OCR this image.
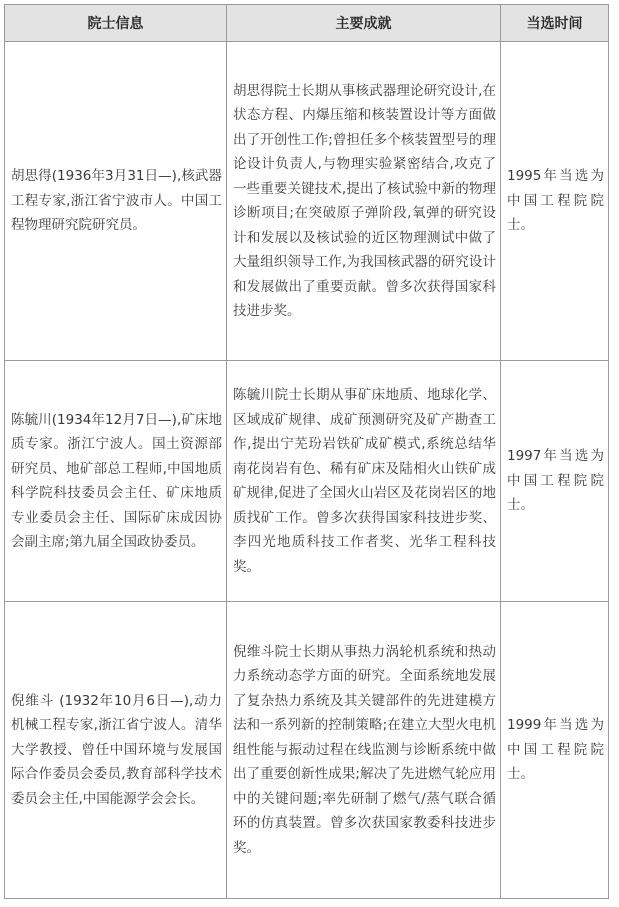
院士信息	主要成就	当选时间
胡思得(1936年3月31日—),核武器工程专家,浙江省宁波市人。中国工程物理研究院研究员。	胡思得院士长期从事核武器理论研究设计,在状态方程、内爆压缩和核装置设计等方面做出了开创性工作;曾担任多个核装置型号的理论设计负责人,与物理实验紧密结合,攻克了一些重要关键技术,提出了核试验中新的物理诊断项目;在突破原子弹阶段,氧弹的研究设计和发展以及核试验的近区物理测试中做了大量组织领导工作,为我国核武器的研究设计和发展做出了重要贡献。曾多次获得国家科技进步奖。	1995年当选为中国工程院院士。
陈毓川(1934年12月7日—),矿床地质专家。浙江宁波人。国土资源部研究员、地矿部总工程师,中国地质科学院科技委员会主任、矿床地质专业委员会主任、国际矿床成因协会副主席;第九届全国政协委员。	陈毓川院士长期从事矿床地质、地球化学、区域成矿规律、成矿预测研究及矿产勘查工作,提出宁芜玢岩铁矿成矿模式,系统总结华南花岗岩有色、稀有矿床及陆相火山铁矿成矿规律,促进了全国火山岩区及花岗岩区的地质找矿工作。曾多次获得国家科技进步奖、李四光地质科技工作者奖、光华工程科技奖。	1997年当选为中国工程院院士。
倪维斗 (1932年10月6日—),动力机械工程专家,浙江省宁波人。清华大学教授、曾任中国环境与发展国际合作委员会委员,教育部科学技术委员会主任,中国能源学会会长。	倪维斗院士长期从事热力涡轮机系统和热动力系统动态学方面的研究。全面系统地发展了复杂热力系统及其关键部件的先进建模方法和一系列新的控制策略;在建立大型火电机组性能与振动过程在线监测与诊断系统中做出了重要创新性成果;解决了先进燃气轮应用中的关键问题;率先研制了燃气/蒸气联合循环的仿真装置。曾多次获国家教委科技进步奖。	1999年当选为中国工程院院士。
